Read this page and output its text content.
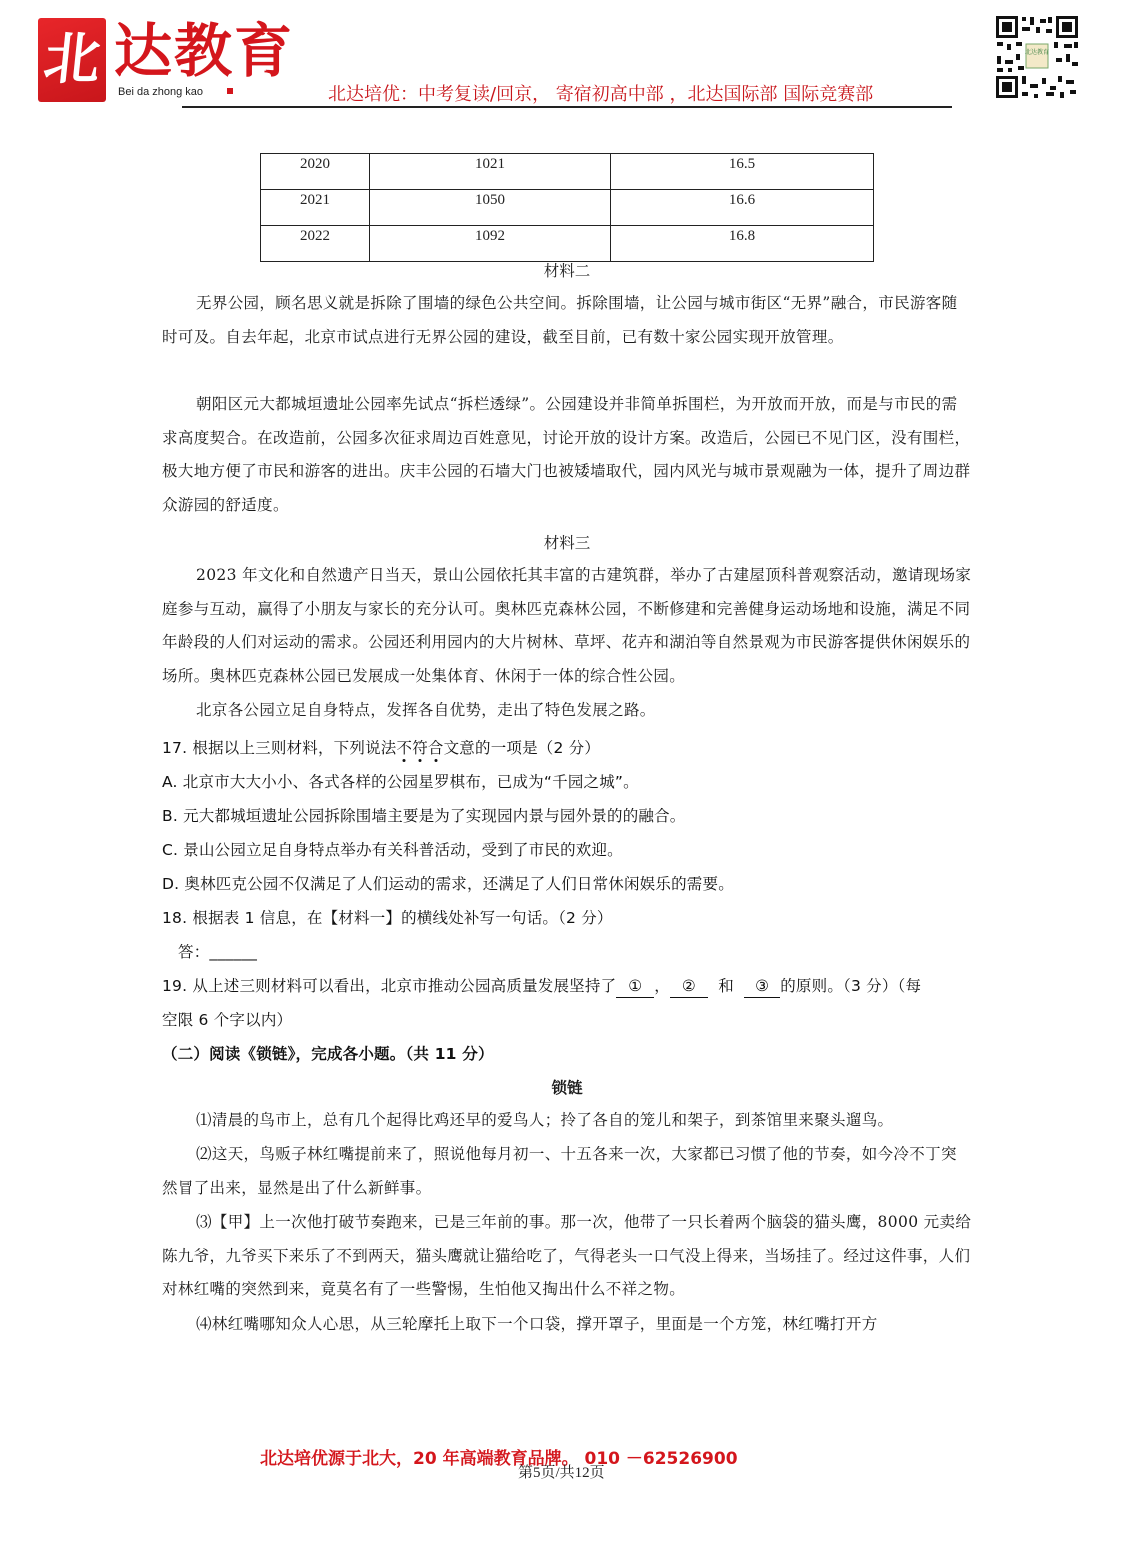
北 达教育
Bei da zhong kao	北达培优：中考复读/回京， 寄宿初高中部 ，北达国际部 国际竞赛部
北达教育
2020	1021	16.5
2021	1050	16.6
2022	1092	16.8
材料二
无界公园，顾名思义就是拆除了围墙的绿色公共空间。拆除围墙，让公园与城市街区“无界”融合，市民游客随时可及。自去年起，北京市试点进行无界公园的建设，截至目前，已有数十家公园实现开放管理。
朝阳区元大都城垣遗址公园率先试点“拆栏透绿”。公园建设并非简单拆围栏，为开放而开放，而是与市民的需求高度契合。在改造前，公园多次征求周边百姓意见，讨论开放的设计方案。改造后，公园已不见门区，没有围栏，极大地方便了市民和游客的进出。庆丰公园的石墙大门也被矮墙取代，园内风光与城市景观融为一体，提升了周边群众游园的舒适度。
材料三
2023 年文化和自然遗产日当天，景山公园依托其丰富的古建筑群，举办了古建屋顶科普观察活动，邀请现场家庭参与互动，赢得了小朋友与家长的充分认可。奥林匹克森林公园，不断修建和完善健身运动场地和设施，满足不同年龄段的人们对运动的需求。公园还利用园内的大片树林、草坪、花卉和湖泊等自然景观为市民游客提供休闲娱乐的场所。奥林匹克森林公园已发展成一处集体育、休闲于一体的综合性公园。
北京各公园立足自身特点，发挥各自优势，走出了特色发展之路。
17. 根据以上三则材料，下列说法不符合文意的一项是（2 分）
A. 北京市大大小小、各式各样的公园星罗棋布，已成为“千园之城”。
B. 元大都城垣遗址公园拆除围墙主要是为了实现园内景与园外景的的融合。
C. 景山公园立足自身特点举办有关科普活动，受到了市民的欢迎。
D. 奥林匹克公园不仅满足了人们运动的需求，还满足了人们日常休闲娱乐的需要。
18. 根据表 1 信息，在【材料一】的横线处补写一句话。（2 分）
答：______
19. 从上述三则材料可以看出，北京市推动公园高质量发展坚持了 ① ， ② 和 ③ 的原则。（3 分）（每
空限 6 个字以内）
（二）阅读《锁链》，完成各小题。（共 11 分）
锁链
⑴清晨的鸟市上，总有几个起得比鸡还早的爱鸟人；拎了各自的笼儿和架子，到茶馆里来聚头遛鸟。
⑵这天，鸟贩子林红嘴提前来了，照说他每月初一、十五各来一次，大家都已习惯了他的节奏，如今冷不丁突然冒了出来，显然是出了什么新鲜事。
⑶【甲】上一次他打破节奏跑来，已是三年前的事。那一次，他带了一只长着两个脑袋的猫头鹰，8000 元卖给陈九爷，九爷买下来乐了不到两天，猫头鹰就让猫给吃了，气得老头一口气没上得来，当场挂了。经过这件事，人们对林红嘴的突然到来，竟莫名有了一些警惕，生怕他又掏出什么不祥之物。
⑷林红嘴哪知众人心思，从三轮摩托上取下一个口袋，撑开罩子，里面是一个方笼，林红嘴打开方
北达培优源于北大，20 年高端教育品牌。 010 －62526900
第5页/共12页
